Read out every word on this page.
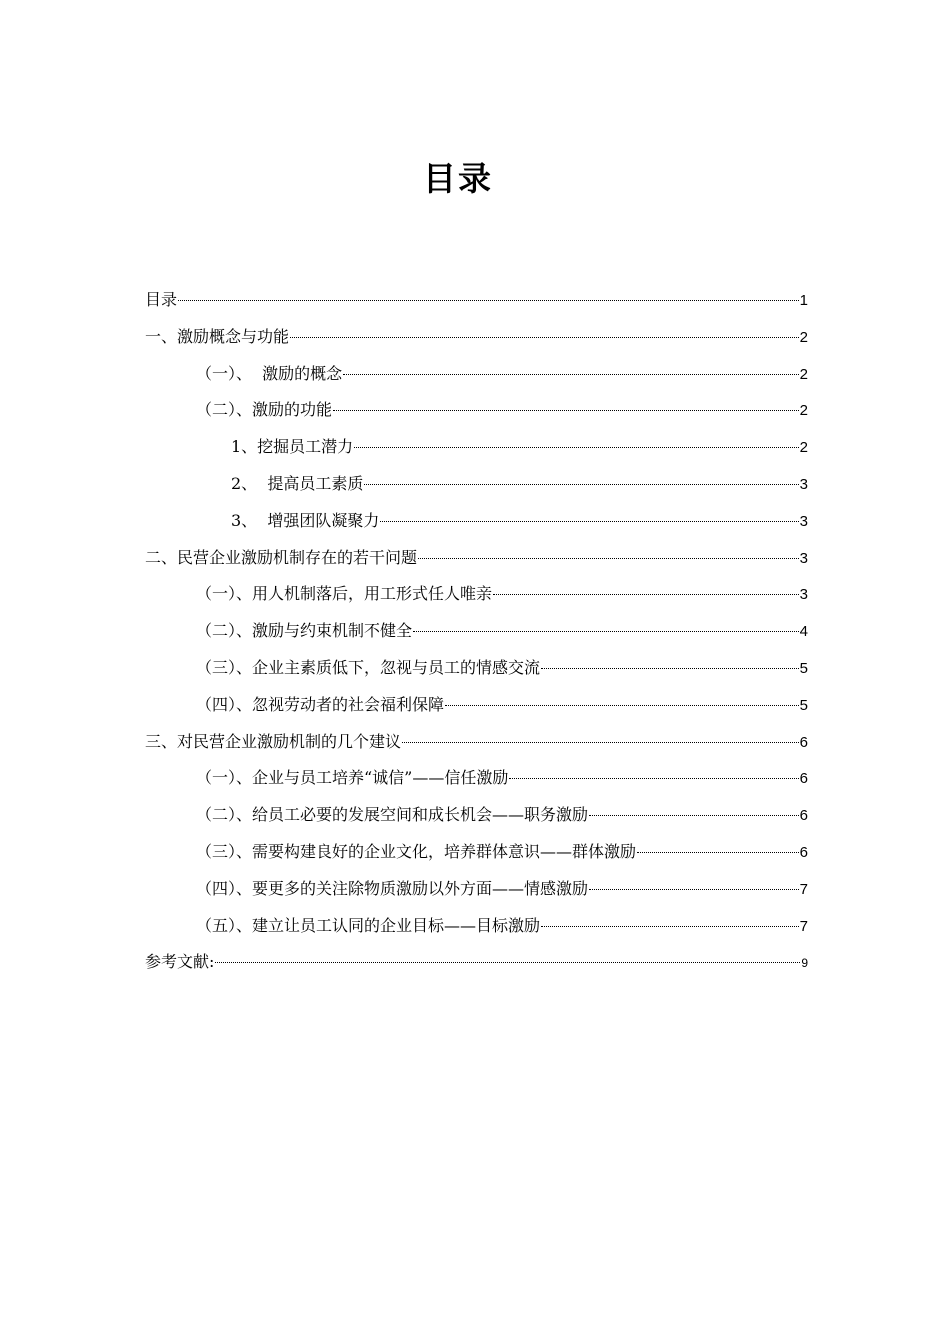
目录
目录	1
一、激励概念与功能	2
（一）、  激励的概念	2
（二）、激励的功能	2
1、挖掘员工潜力	2
2、  提高员工素质	3
3、  增强团队凝聚力	3
二、民营企业激励机制存在的若干问题	3
（一）、用人机制落后，用工形式任人唯亲	3
（二）、激励与约束机制不健全	4
（三）、企业主素质低下，忽视与员工的情感交流	5
（四）、忽视劳动者的社会福利保障	5
三、对民营企业激励机制的几个建议	6
（一）、企业与员工培养“诚信”——信任激励	6
（二）、给员工必要的发展空间和成长机会——职务激励	6
（三）、需要构建良好的企业文化，培养群体意识——群体激励	6
（四）、要更多的关注除物质激励以外方面——情感激励	7
（五）、建立让员工认同的企业目标——目标激励	7
参考文献:	9
